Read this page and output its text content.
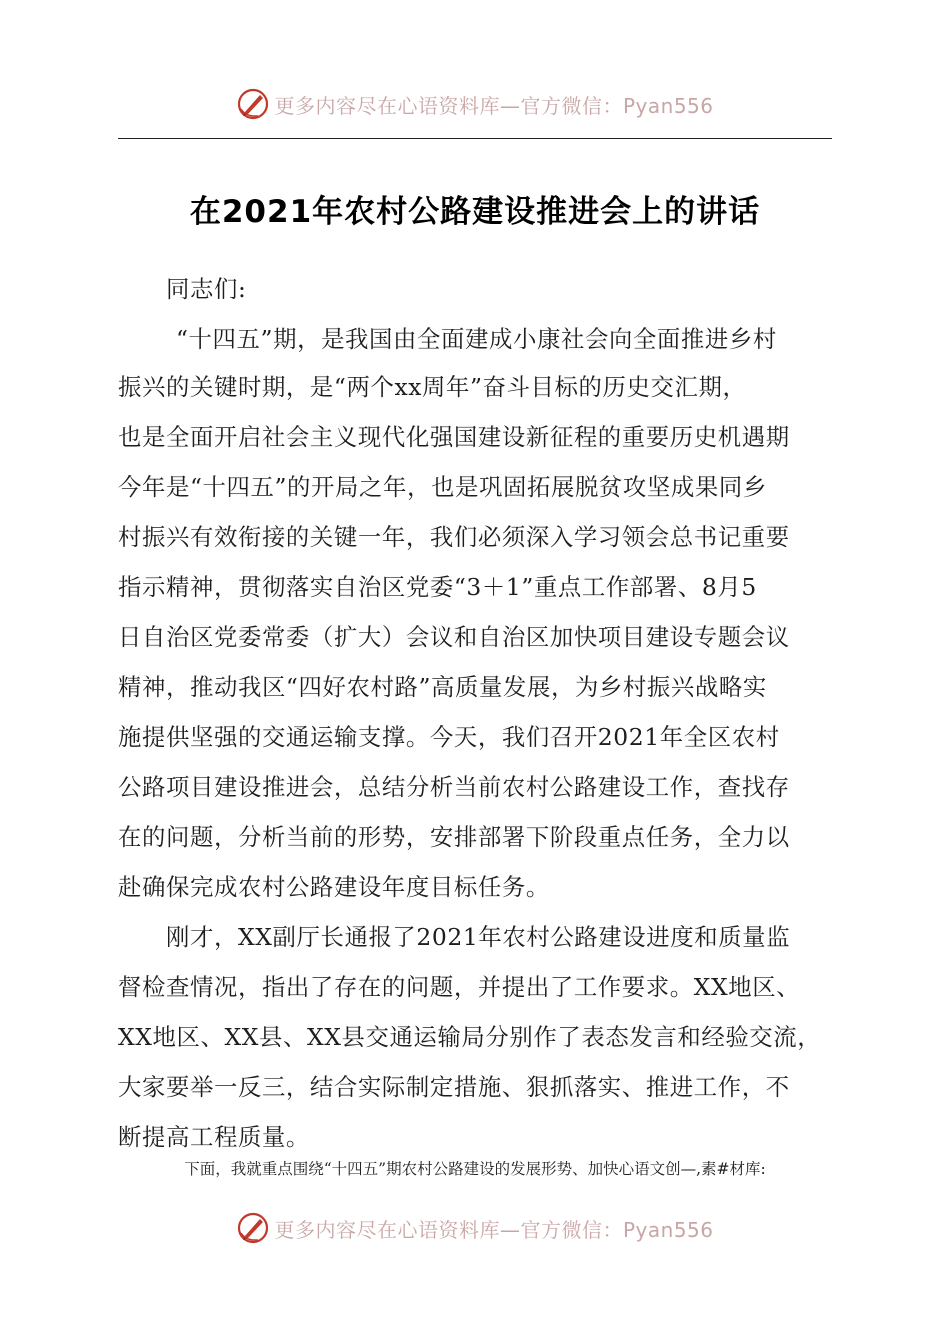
更多内容尽在心语资料库—官方微信：Pyan556
在2021年农村公路建设推进会上的讲话
同志们:
“十四五”期，是我国由全面建成小康社会向全面推进乡村
振兴的关键时期，是“两个xx周年”奋斗目标的历史交汇期，
也是全面开启社会主义现代化强国建设新征程的重要历史机遇期
今年是“十四五”的开局之年，也是巩固拓展脱贫攻坚成果同乡
村振兴有效衔接的关键一年，我们必须深入学习领会总书记重要
指示精神，贯彻落实自治区党委“3＋1”重点工作部署、8月5
日自治区党委常委（扩大）会议和自治区加快项目建设专题会议
精神，推动我区“四好农村路”高质量发展，为乡村振兴战略实
施提供坚强的交通运输支撑。今天，我们召开2021年全区农村
公路项目建设推进会，总结分析当前农村公路建设工作，查找存
在的问题，分析当前的形势，安排部署下阶段重点任务，全力以
赴确保完成农村公路建设年度目标任务。
刚才，XX副厅长通报了2021年农村公路建设进度和质量监
督检查情况，指出了存在的问题，并提出了工作要求。XX地区、
XX地区、XX县、XX县交通运输局分别作了表态发言和经验交流，
大家要举一反三，结合实际制定措施、狠抓落实、推进工作，不
断提高工程质量。
下面，我就重点围绕“十四五”期农村公路建设的发展形势、加快心语文创—,素#材库:
更多内容尽在心语资料库—官方微信：Pyan556
